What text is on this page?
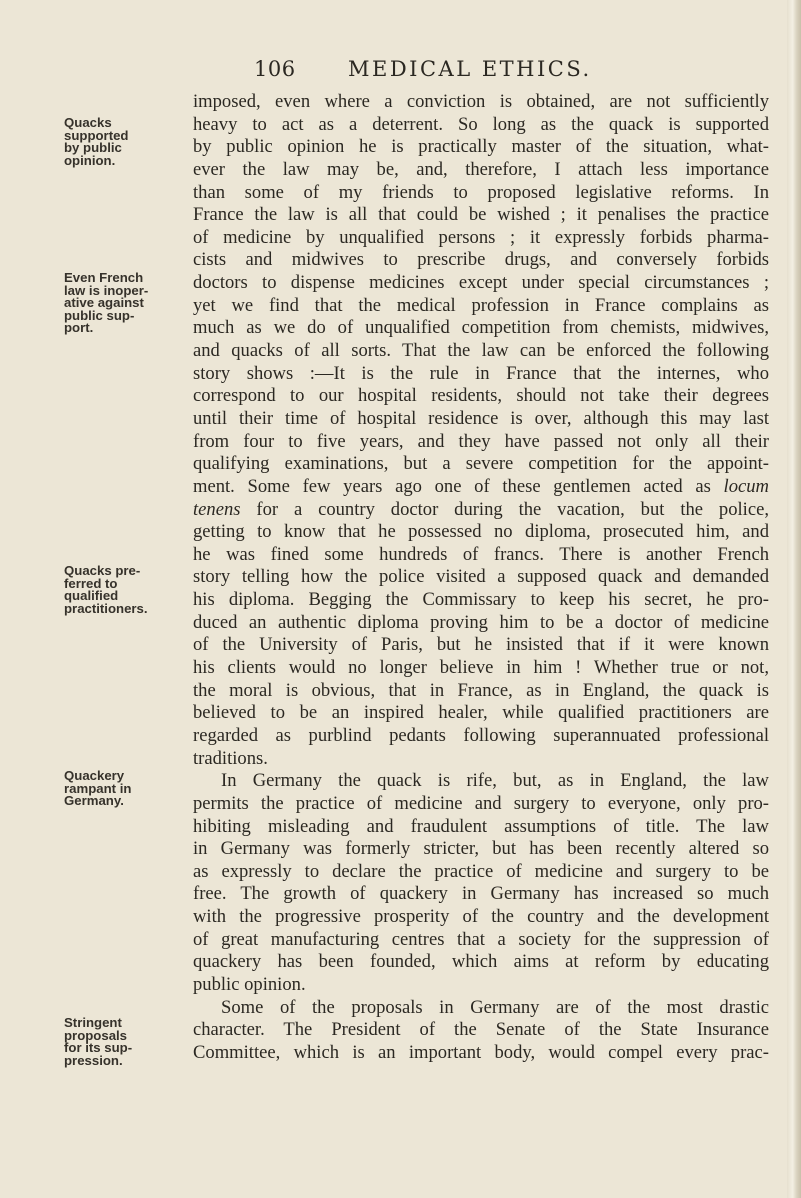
106 MEDICAL ETHICS.
Quacks
supported
by public
opinion.
Even French
law is inoper-
ative against
public sup-
port.
Quacks pre-
ferred to
qualified
practitioners.
Quackery
rampant in
Germany.
Stringent
proposals
for its sup-
pression.
imposed, even where a conviction is obtained, are not sufficiently
heavy to act as a deterrent. So long as the quack is supported
by public opinion he is practically master of the situation, what-
ever the law may be, and, therefore, I attach less importance
than some of my friends to proposed legislative reforms. In
France the law is all that could be wished ; it penalises the practice
of medicine by unqualified persons ; it expressly forbids pharma-
cists and midwives to prescribe drugs, and conversely forbids
doctors to dispense medicines except under special circumstances ;
yet we find that the medical profession in France complains as
much as we do of unqualified competition from chemists, midwives,
and quacks of all sorts. That the law can be enforced the following
story shows :—It is the rule in France that the internes, who
correspond to our hospital residents, should not take their degrees
until their time of hospital residence is over, although this may last
from four to five years, and they have passed not only all their
qualifying examinations, but a severe competition for the appoint-
ment. Some few years ago one of these gentlemen acted as locum
tenens for a country doctor during the vacation, but the police,
getting to know that he possessed no diploma, prosecuted him, and
he was fined some hundreds of francs. There is another French
story telling how the police visited a supposed quack and demanded
his diploma. Begging the Commissary to keep his secret, he pro-
duced an authentic diploma proving him to be a doctor of medicine
of the University of Paris, but he insisted that if it were known
his clients would no longer believe in him ! Whether true or not,
the moral is obvious, that in France, as in England, the quack is
believed to be an inspired healer, while qualified practitioners are
regarded as purblind pedants following superannuated professional
traditions.
In Germany the quack is rife, but, as in England, the law
permits the practice of medicine and surgery to everyone, only pro-
hibiting misleading and fraudulent assumptions of title. The law
in Germany was formerly stricter, but has been recently altered so
as expressly to declare the practice of medicine and surgery to be
free. The growth of quackery in Germany has increased so much
with the progressive prosperity of the country and the development
of great manufacturing centres that a society for the suppression of
quackery has been founded, which aims at reform by educating
public opinion.
Some of the proposals in Germany are of the most drastic
character. The President of the Senate of the State Insurance
Committee, which is an important body, would compel every prac-
